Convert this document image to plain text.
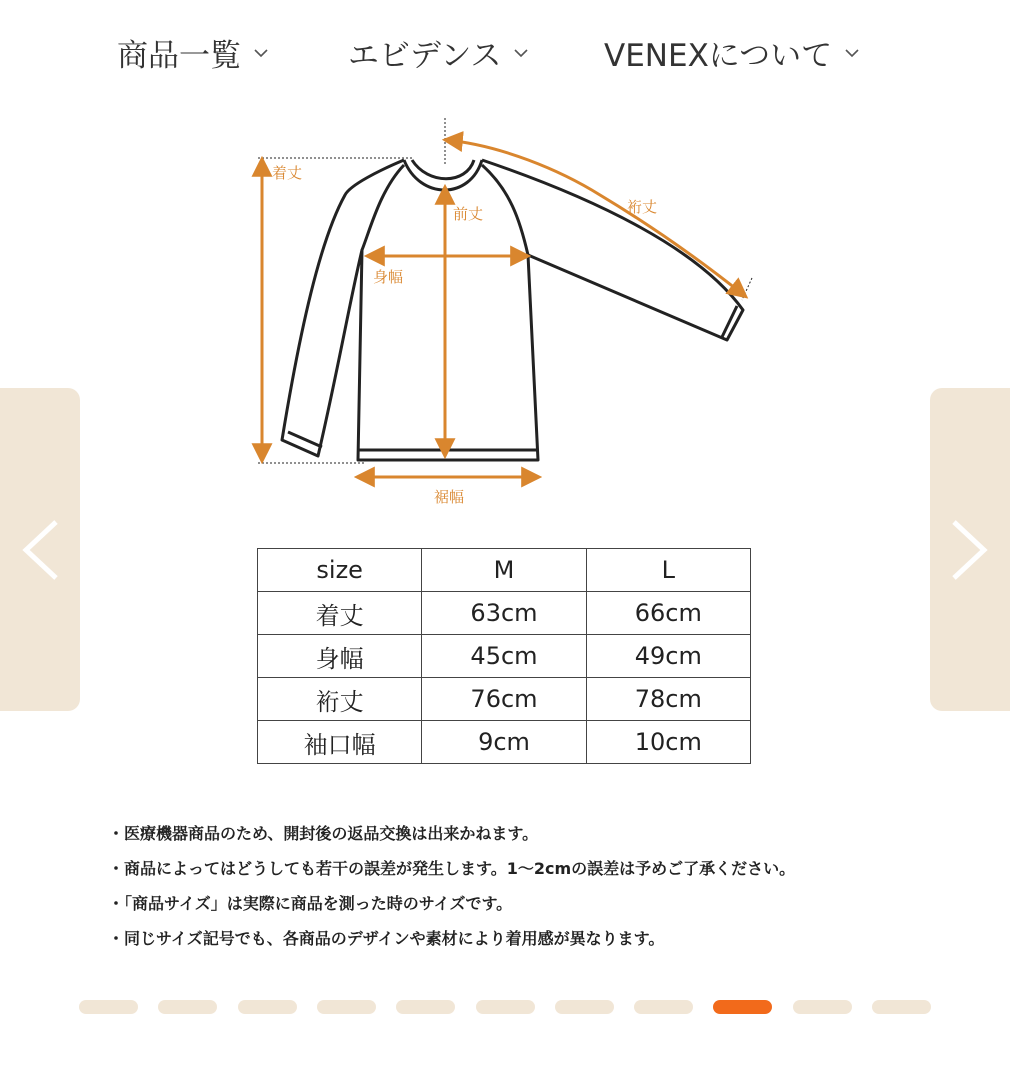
商品一覧	エビデンス	VENEXについて
着丈
前丈	裄丈
身幅
裾幅
size	M	L
着丈	63cm	66cm
身幅	45cm	49cm
裄丈	76cm	78cm
袖口幅	9cm	10cm
・医療機器商品のため、開封後の返品交換は出来かねます。
・商品によってはどうしても若干の誤差が発生します。1〜2cmの誤差は予めご了承ください。
・「商品サイズ」は実際に商品を測った時のサイズです。
・同じサイズ記号でも、各商品のデザインや素材により着用感が異なります。
